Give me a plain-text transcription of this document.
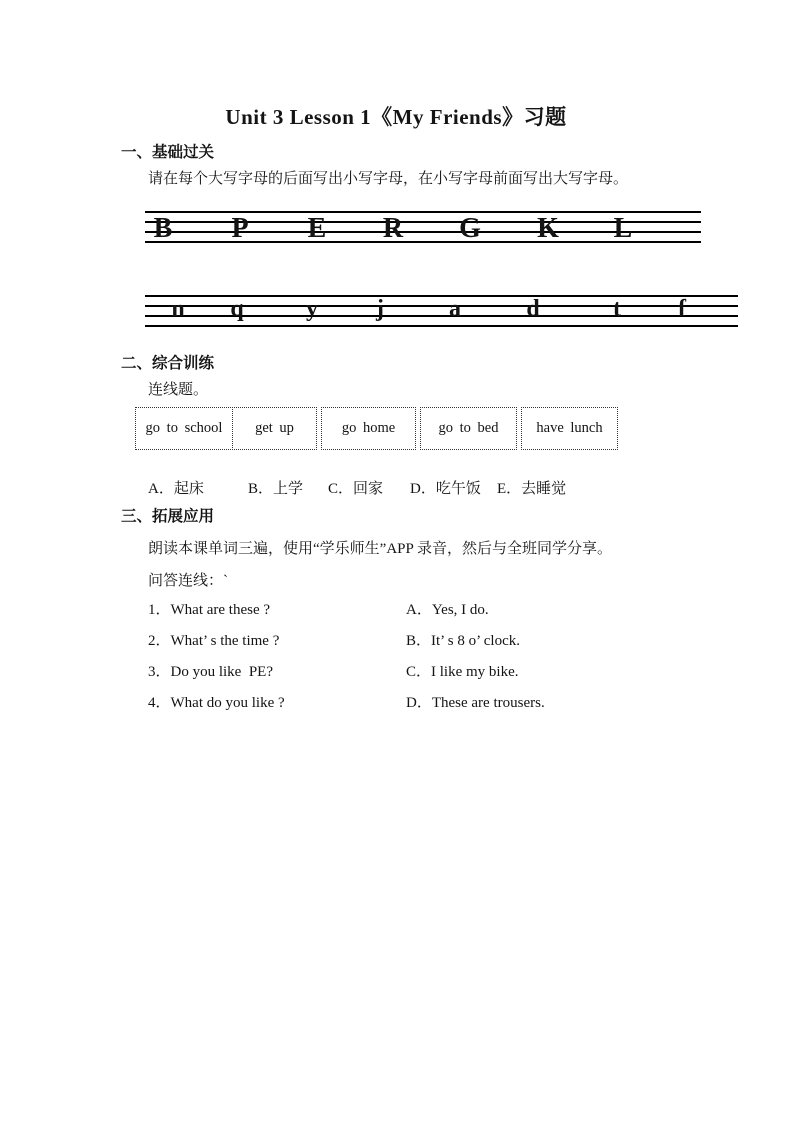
Unit 3 Lesson 1《My Friends》习题
一、基础过关
请在每个大写字母的后面写出小写字母，在小写字母前面写出大写字母。
B P E R G K L
n q	y j	a	d	t f
二、综合训练
连线题。
go to school get up	go home	go to bed	have lunch
A．起床	B．上学 C．回家 D．吃午饭 E．去睡觉
三、拓展应用
朗读本课单词三遍，使用“学乐师生”APP 录音，然后与全班同学分享。
问答连线：`
1．What are these ?	A．Yes, I do.
2．What’ s the time ?	B．It’ s 8 o’ clock.
3．Do you like  PE?	C．I like my bike.
4．What do you like ?	D．These are trousers.
